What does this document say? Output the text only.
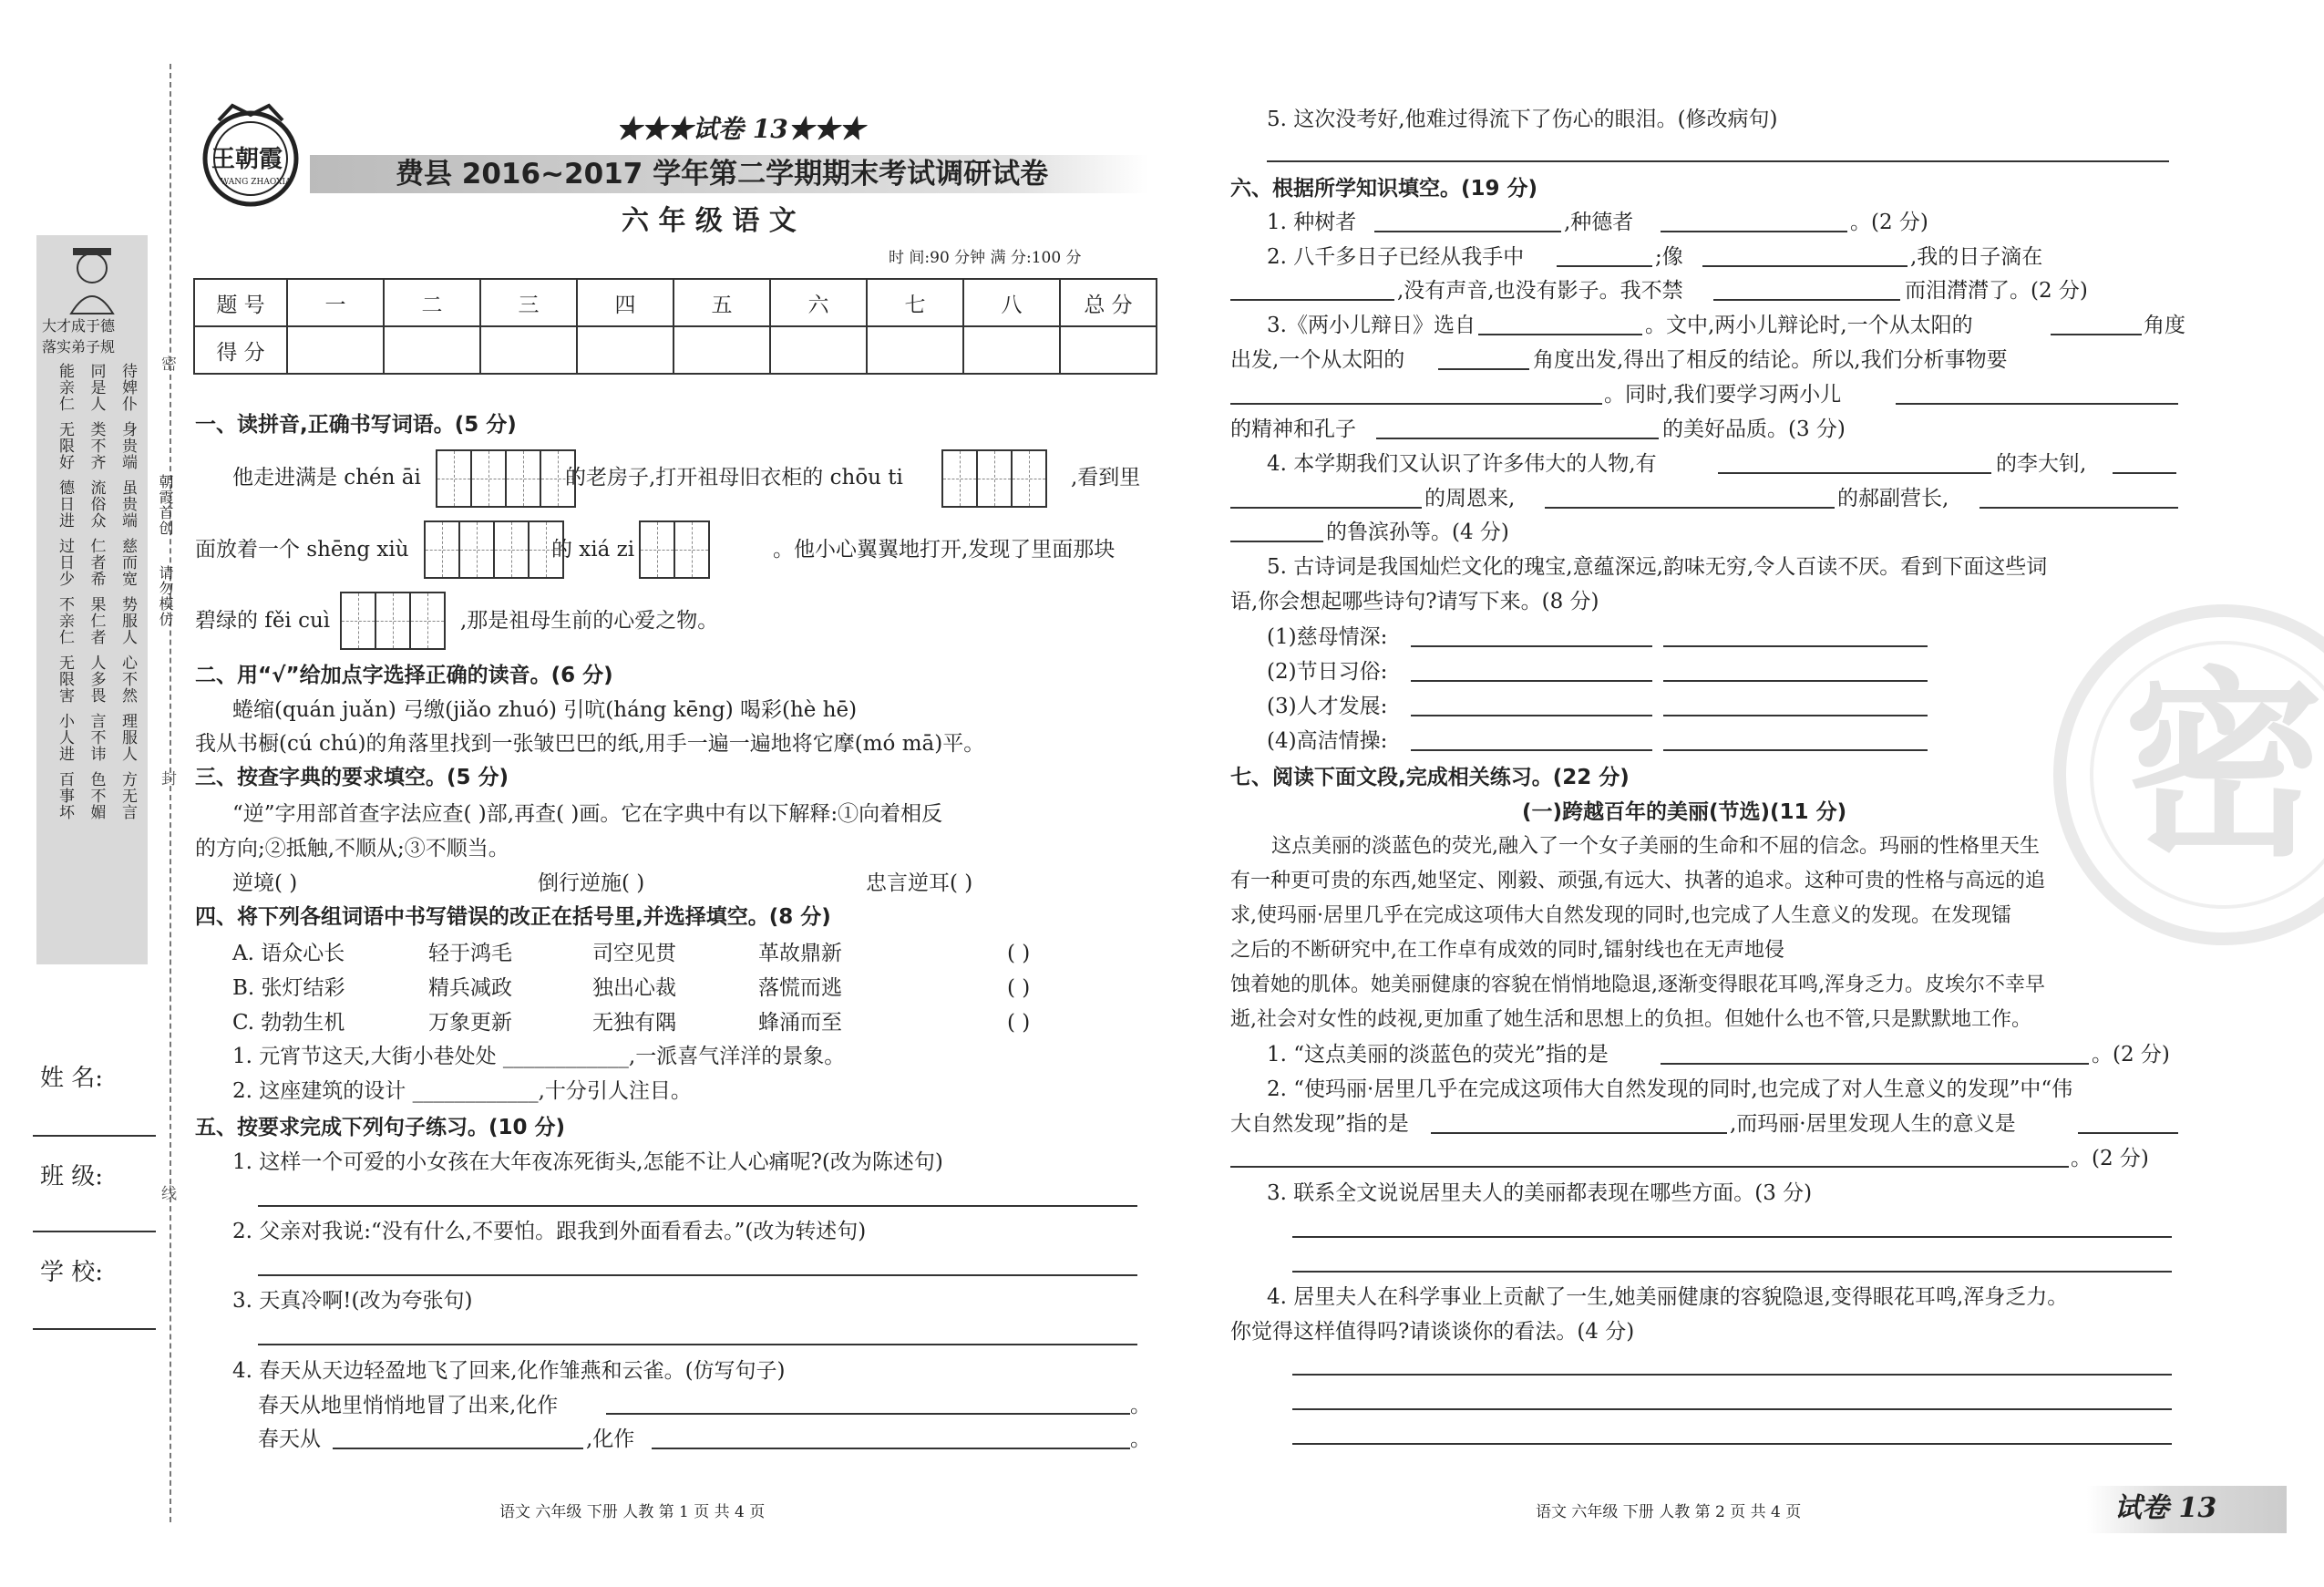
大才成于德
落实弟子规
能亲仁 同是人 待婢仆
无限好 类不齐 身贵端
德日进 流俗众 虽贵端
过日少 仁者希 慈而宽
不亲仁 果仁者 势服人
无限害 人多畏 心不然
小人进 言不讳 理服人
百事坏 色不媚 方无言
密
封
线
朝霞首创
请勿模仿
姓 名:
班 级:
学 校:
王朝霞
WANG ZHAOXIA
★★★试卷 13★★★
费县 2016~2017 学年第二学期期末考试调研试卷
六 年 级 语 文
时 间:90 分钟 满 分:100 分
题 号	一	二	三	四	五	六	七	八	总 分
得 分									
一、读拼音,正确书写词语。(5 分)
他走进满是 chén āi	的老房子,打开祖母旧衣柜的 chōu ti	,看到里
面放着一个 shēng xiù	的 xiá zi	。他小心翼翼地打开,发现了里面那块
碧绿的 fěi cuì	,那是祖母生前的心爱之物。
二、用“√”给加点字选择正确的读音。(6 分)
蜷缩(quán juǎn) 弓缴(jiǎo zhuó) 引吭(háng kēng) 喝彩(hè hē)
我从书橱(cú chú)的角落里找到一张皱巴巴的纸,用手一遍一遍地将它摩(mó mā)平。
三、按查字典的要求填空。(5 分)
“逆”字用部首查字法应查( )部,再查( )画。它在字典中有以下解释:①向着相反
的方向;②抵触,不顺从;③不顺当。
逆境( )	倒行逆施( )	忠言逆耳( )
四、将下列各组词语中书写错误的改正在括号里,并选择填空。(8 分)
A. 语众心长	轻于鸿毛	司空见贯	革故鼎新	( )
B. 张灯结彩	精兵减政	独出心裁	落慌而逃	( )
C. 勃勃生机	万象更新	无独有隅	蜂涌而至	( )
1. 元宵节这天,大街小巷处处 ____________,一派喜气洋洋的景象。
2. 这座建筑的设计 ____________,十分引人注目。
五、按要求完成下列句子练习。(10 分)
1. 这样一个可爱的小女孩在大年夜冻死街头,怎能不让人心痛呢?(改为陈述句)
2. 父亲对我说:“没有什么,不要怕。跟我到外面看看去。”(改为转述句)
3. 天真冷啊!(改为夸张句)
4. 春天从天边轻盈地飞了回来,化作雏燕和云雀。(仿写句子)
春天从地里悄悄地冒了出来,化作	。
春天从	,化作	。
语文 六年级 下册 人教 第 1 页 共 4 页
5. 这次没考好,他难过得流下了伤心的眼泪。(修改病句)
六、根据所学知识填空。(19 分)
1. 种树者	,种德者	。(2 分)
2. 八千多日子已经从我手中	;像	,我的日子滴在
,没有声音,也没有影子。我不禁	而泪潸潸了。(2 分)
3.《两小儿辩日》选自	。文中,两小儿辩论时,一个从太阳的	角度
出发,一个从太阳的	角度出发,得出了相反的结论。所以,我们分析事物要
。同时,我们要学习两小儿
的精神和孔子	的美好品质。(3 分)
4. 本学期我们又认识了许多伟大的人物,有	的李大钊,
的周恩来,	的郝副营长,
的鲁滨孙等。(4 分)
5. 古诗词是我国灿烂文化的瑰宝,意蕴深远,韵味无穷,令人百读不厌。看到下面这些词
语,你会想起哪些诗句?请写下来。(8 分)
(1)慈母情深:
(2)节日习俗:
(3)人才发展:
(4)高洁情操:
七、阅读下面文段,完成相关练习。(22 分)
(一)跨越百年的美丽(节选)(11 分)
这点美丽的淡蓝色的荧光,融入了一个女子美丽的生命和不屈的信念。玛丽的性格里天生
有一种更可贵的东西,她坚定、刚毅、顽强,有远大、执著的追求。这种可贵的性格与高远的追
求,使玛丽·居里几乎在完成这项伟大自然发现的同时,也完成了人生意义的发现。在发现镭
之后的不断研究中,在工作卓有成效的同时,镭射线也在无声地侵
蚀着她的肌体。她美丽健康的容貌在悄悄地隐退,逐渐变得眼花耳鸣,浑身乏力。皮埃尔不幸早
逝,社会对女性的歧视,更加重了她生活和思想上的负担。但她什么也不管,只是默默地工作。
1. “这点美丽的淡蓝色的荧光”指的是	。(2 分)
2. “使玛丽·居里几乎在完成这项伟大自然发现的同时,也完成了对人生意义的发现”中“伟
大自然发现”指的是	,而玛丽·居里发现人生的意义是
。(2 分)
3. 联系全文说说居里夫人的美丽都表现在哪些方面。(3 分)
4. 居里夫人在科学事业上贡献了一生,她美丽健康的容貌隐退,变得眼花耳鸣,浑身乏力。
你觉得这样值得吗?请谈谈你的看法。(4 分)
语文 六年级 下册 人教 第 2 页 共 4 页	试卷 13
密
